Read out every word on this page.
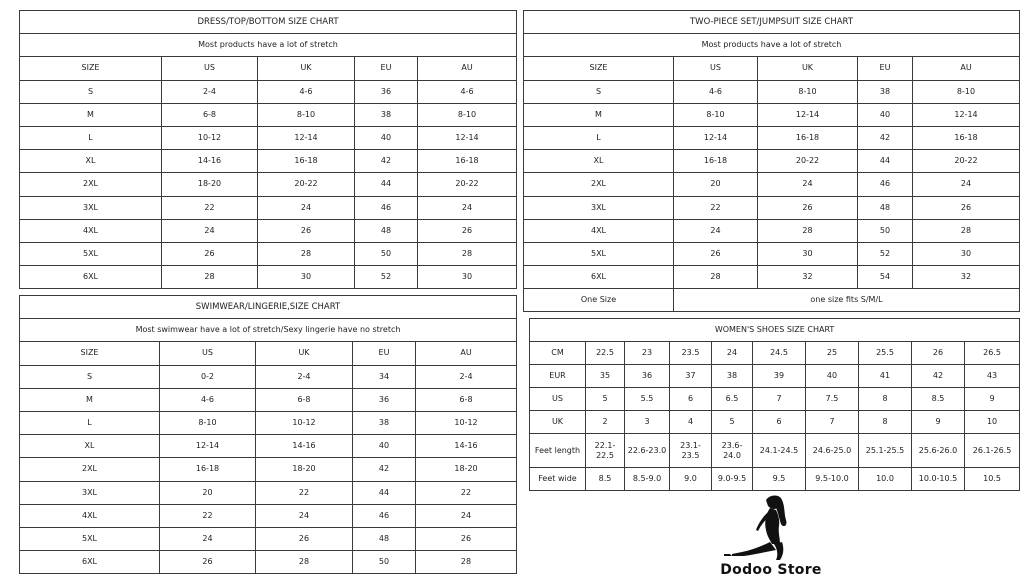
DRESS/TOP/BOTTOM SIZE CHART				
Most products have a lot of stretch				
SIZE	US	UK	EU	AU
S	2-4	4-6	36	4-6
M	6-8	8-10	38	8-10
L	10-12	12-14	40	12-14
XL	14-16	16-18	42	16-18
2XL	18-20	20-22	44	20-22
3XL	22	24	46	24
4XL	24	26	48	26
5XL	26	28	50	28
6XL	28	30	52	30
TWO-PIECE SET/JUMPSUIT SIZE CHART				
Most products have a lot of stretch				
SIZE	US	UK	EU	AU
S	4-6	8-10	38	8-10
M	8-10	12-14	40	12-14
L	12-14	16-18	42	16-18
XL	16-18	20-22	44	20-22
2XL	20	24	46	24
3XL	22	26	48	26
4XL	24	28	50	28
5XL	26	30	52	30
6XL	28	32	54	32
One Size	one size fits S/M/L			
SWIMWEAR/LINGERIE,SIZE CHART				
Most swimwear have a lot of stretch/Sexy lingerie have no stretch				
SIZE	US	UK	EU	AU
S	0-2	2-4	34	2-4
M	4-6	6-8	36	6-8
L	8-10	10-12	38	10-12
XL	12-14	14-16	40	14-16
2XL	16-18	18-20	42	18-20
3XL	20	22	44	22
4XL	22	24	46	24
5XL	24	26	48	26
6XL	26	28	50	28
WOMEN'S SHOES SIZE CHART									
CM	22.5	23	23.5	24	24.5	25	25.5	26	26.5
EUR	35	36	37	38	39	40	41	42	43
US	5	5.5	6	6.5	7	7.5	8	8.5	9
UK	2	3	4	5	6	7	8	9	10
Feet length	22.1-22.5	22.6-23.0	23.1-23.5	23.6-24.0	24.1-24.5	24.6-25.0	25.1-25.5	25.6-26.0	26.1-26.5
Feet wide	8.5	8.5-9.0	9.0	9.0-9.5	9.5	9.5-10.0	10.0	10.0-10.5	10.5
Dodoo Store
